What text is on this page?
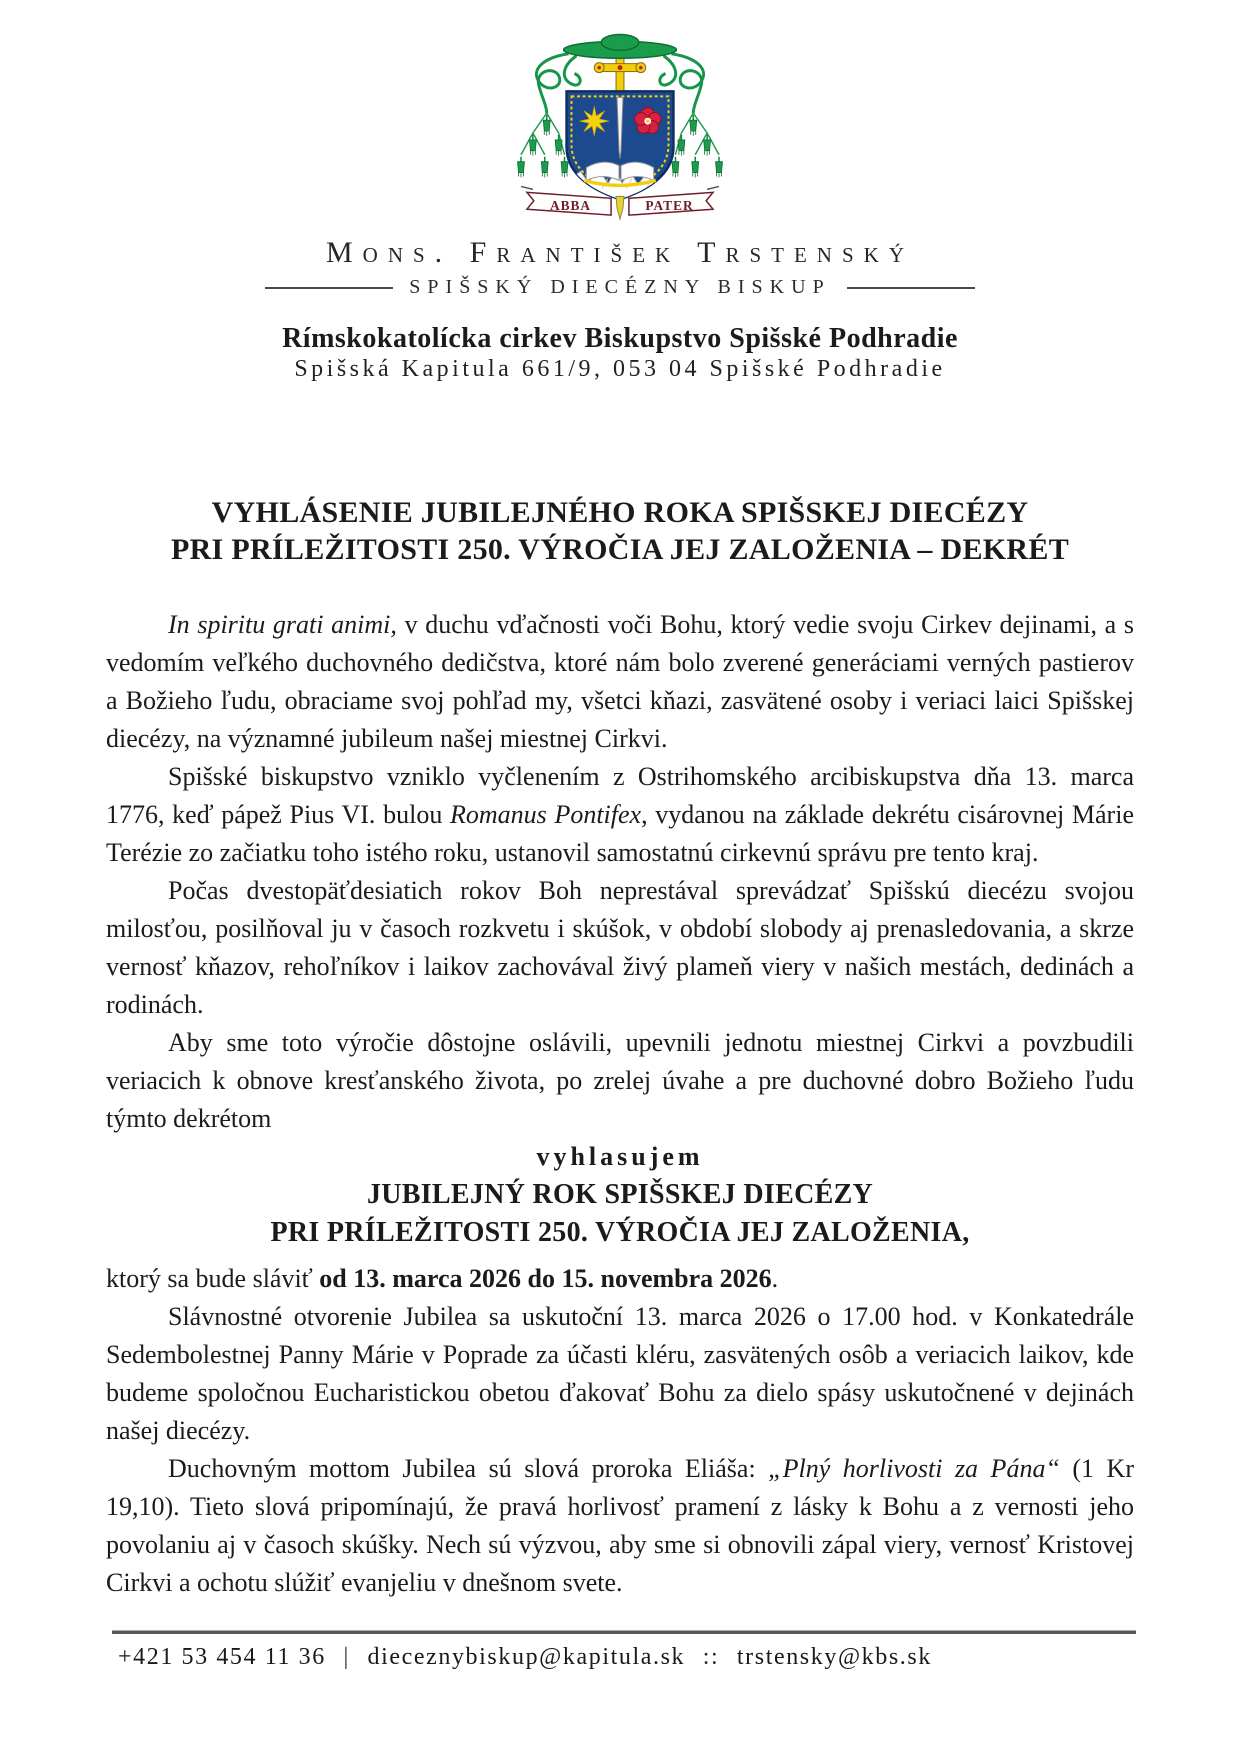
ABBA	PATER
Mons. František Trstenský
SPIŠSKÝ DIECÉZNY BISKUP
Rímskokatolícka cirkev Biskupstvo Spišské Podhradie
Spišská Kapitula 661/9, 053 04 Spišské Podhradie
VYHLÁSENIE JUBILEJNÉHO ROKA SPIŠSKEJ DIECÉZY
PRI PRÍLEŽITOSTI 250. VÝROČIA JEJ ZALOŽENIA – DEKRÉT

In spiritu grati animi, v duchu vďačnosti voči Bohu, ktorý vedie svoju Cirkev dejinami, a s vedomím veľkého duchovného dedičstva, ktoré nám bolo zverené generáciami verných pastierov a Božieho ľudu, obraciame svoj pohľad my, všetci kňazi, zasvätené osoby i veriaci laici Spišskej diecézy, na významné jubileum našej miestnej Cirkvi.

Spišské biskupstvo vzniklo vyčlenením z Ostrihomského arcibiskupstva dňa 13. marca 1776, keď pápež Pius VI. bulou Romanus Pontifex, vydanou na základe dekrétu cisárovnej Márie Terézie zo začiatku toho istého roku, ustanovil samostatnú cirkevnú správu pre tento kraj.

Počas dvestopäťdesiatich rokov Boh neprestával sprevádzať Spišskú diecézu svojou milosťou, posilňoval ju v časoch rozkvetu i skúšok, v období slobody aj prenasledovania, a skrze vernosť kňazov, rehoľníkov i laikov zachovával živý plameň viery v našich mestách, dedinách a rodinách.

Aby sme toto výročie dôstojne oslávili, upevnili jednotu miestnej Cirkvi a povzbudili veriacich k obnove kresťanského života, po zrelej úvahe a pre duchovné dobro Božieho ľudu týmto dekrétom

vyhlasujem
JUBILEJNÝ ROK SPIŠSKEJ DIECÉZY
PRI PRÍLEŽITOSTI 250. VÝROČIA JEJ ZALOŽENIA,

ktorý sa bude sláviť od 13. marca 2026 do 15. novembra 2026.

Slávnostné otvorenie Jubilea sa uskutoční 13. marca 2026 o 17.00 hod. v Konkatedrále Sedembolestnej Panny Márie v Poprade za účasti kléru, zasvätených osôb a veriacich laikov, kde budeme spoločnou Eucharistickou obetou ďakovať Bohu za dielo spásy uskutočnené v dejinách našej diecézy.

Duchovným mottom Jubilea sú slová proroka Eliáša: „Plný horlivosti za Pána“ (1 Kr 19,10). Tieto slová pripomínajú, že pravá horlivosť pramení z lásky k Bohu a z vernosti jeho povolaniu aj v časoch skúšky. Nech sú výzvou, aby sme si obnovili zápal viery, vernosť Kristovej Cirkvi a ochotu slúžiť evanjeliu v dnešnom svete.

+421 53 454 11 36 | dieceznybiskup@kapitula.sk :: trstensky@kbs.sk
